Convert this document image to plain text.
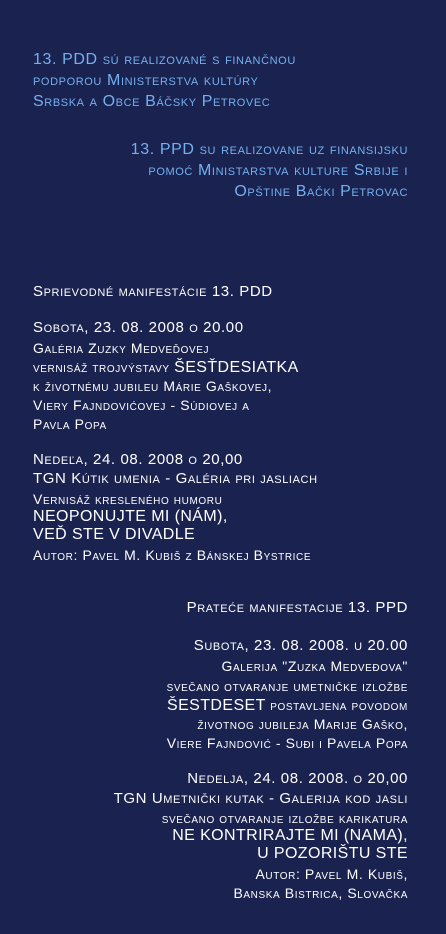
13. PDD sú realizované s finančnou
podporou Ministerstva kultúry
Srbska a Obce Báčsky Petrovec
13. PPD su realizovane uz finansijsku
pomoć Ministarstva kulture Srbije i
Opštine Bački Petrovac
Sprievodné manifestácie 13. PDD
Sobota, 23. 08. 2008 o 20.00
Galéria Zuzky Medveďovej
vernisáž trojvýstavy ŠESŤDESIATKA
k životnému jubileu Márie Gaškovej,
Viery Fajndovićovej - Súdiovej a
Pavla Popa
Nedeľa, 24. 08. 2008 o 20,00
TGN Kútik umenia - Galéria pri jasliach
Vernisáž kresleného humoru
NEOPONUJTE MI (NÁM),
VEĎ STE V DIVADLE
Autor: Pavel M. Kubiš z Bánskej Bystrice
Prateće manifestacije 13. PPD
Subota, 23. 08. 2008. u 20.00
Galerija "Zuzka Medveđova"
svečano otvaranje umetničke izložbe
ŠESTDESET postavljena povodom
životnog jubileja Marije Gaško,
Viere Fajndović - Suđi i Pavela Popa
Nedelja, 24. 08. 2008. o 20,00
TGN Umetnički kutak - Galerija kod jasli
svečano otvaranje izložbe karikatura
NE KONTRIRAJTE MI (NAMA),
U POZORIŠTU STE
Autor: Pavel M. Kubiš,
Banska Bistrica, Slovačka
